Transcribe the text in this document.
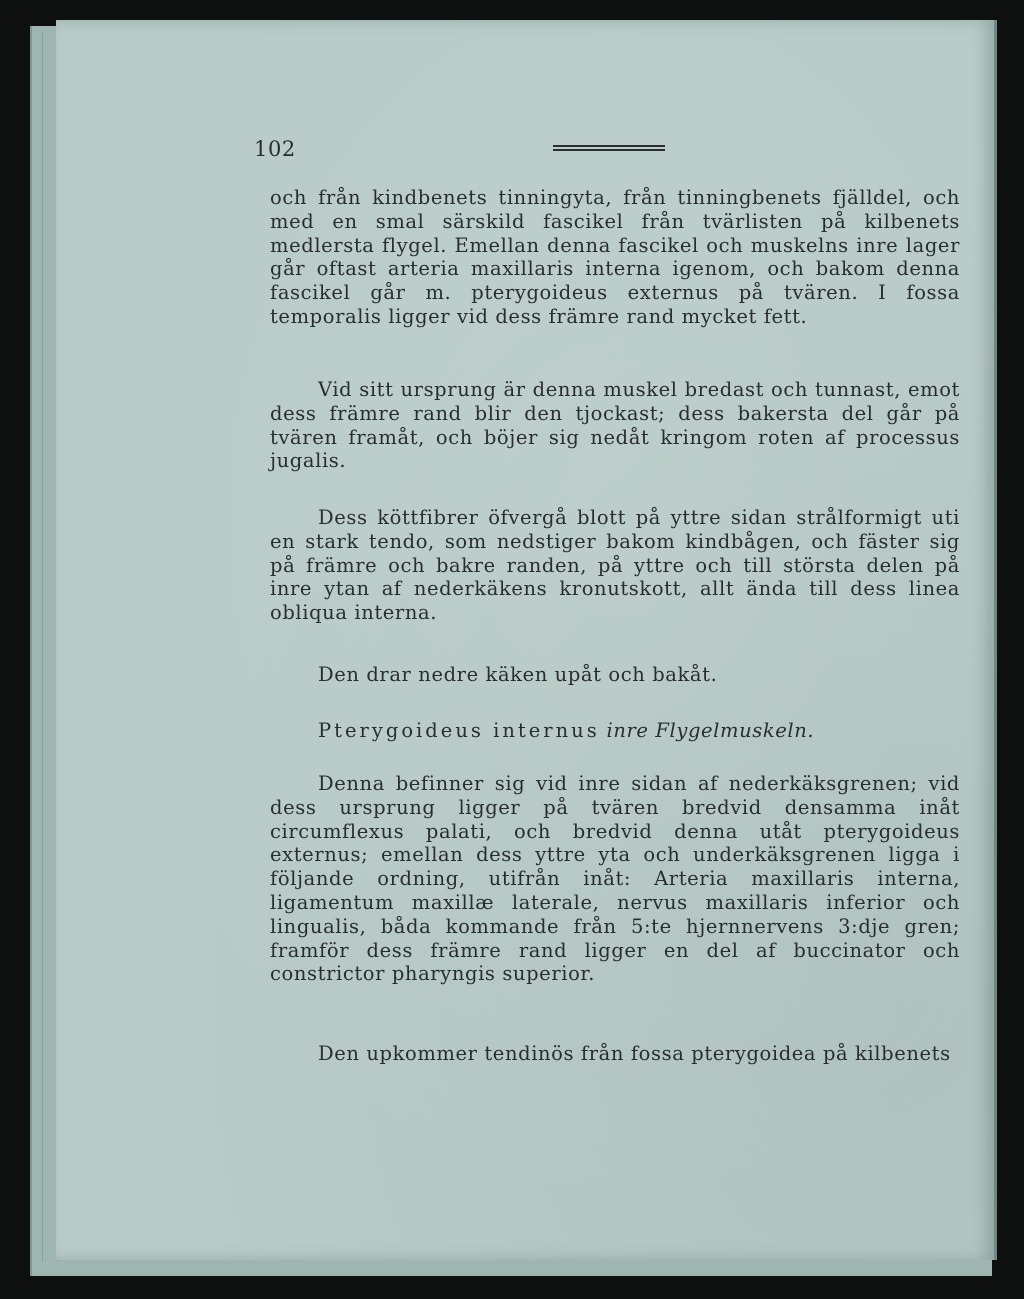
102

och från kindbenets tinningyta, från tinningbenets fjälldel, och med en smal särskild fascikel från tvärlisten på kilbenets medlersta flygel. Emellan denna fascikel och muskelns inre lager går oftast arteria maxillaris interna igenom, och bakom denna fascikel går m. pterygoideus externus på tvären. I fossa temporalis ligger vid dess främre rand mycket fett.

Vid sitt ursprung är denna muskel bredast och tunnast, emot dess främre rand blir den tjockast; dess bakersta del går på tvären framåt, och böjer sig nedåt kringom roten af processus jugalis.

Dess köttfibrer öfvergå blott på yttre sidan strålformigt uti en stark tendo, som nedstiger bakom kindbågen, och fäster sig på främre och bakre randen, på yttre och till största delen på inre ytan af nederkäkens kronutskott, allt ända till dess linea obliqua interna.

Den drar nedre käken upåt och bakåt.

Pterygoideus internus inre Flygelmuskeln.

Denna befinner sig vid inre sidan af nederkäksgrenen; vid dess ursprung ligger på tvären bredvid densamma inåt circumflexus palati, och bredvid denna utåt pterygoideus externus; emellan dess yttre yta och underkäksgrenen ligga i följande ordning, utifrån inåt: Arteria maxillaris interna, ligamentum maxillæ laterale, nervus maxillaris inferior och lingualis, båda kommande från 5:te hjernnervens 3:dje gren; framför dess främre rand ligger en del af buccinator och constrictor pharyngis superior.

Den upkommer tendinös från fossa pterygoidea på kilbenets
